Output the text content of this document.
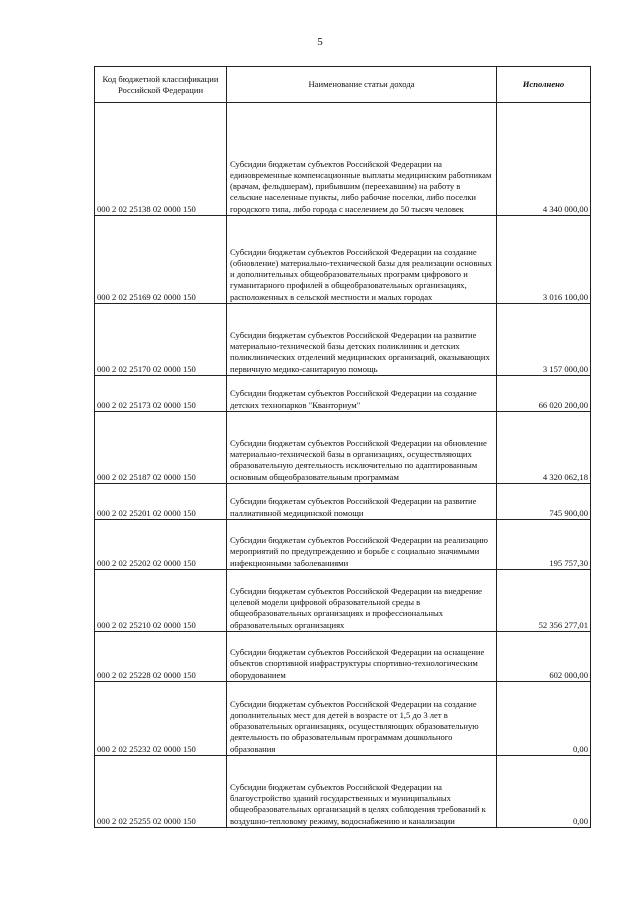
5
Код бюджетной классификации Российской Федерации	Наименование статьи дохода	Исполнено
000 2 02 25138 02 0000 150	Субсидии бюджетам субъектов Российской Федерации на единовременные компенсационные выплаты медицинским работникам (врачам, фельдшерам), прибывшим (переехавшим) на работу в сельские населенные пункты, либо рабочие поселки, либо поселки городского типа, либо города с населением до 50 тысяч человек	4 340 000,00
000 2 02 25169 02 0000 150	Субсидии бюджетам субъектов Российской Федерации на создание (обновление) материально-технической базы для реализации основных и дополнительных общеобразовательных программ цифрового и гуманитарного профилей в общеобразовательных организациях, расположенных в сельской местности и малых городах	3 016 100,00
000 2 02 25170 02 0000 150	Субсидии бюджетам субъектов Российской Федерации на развитие материально-технической базы детских поликлиник и детских поликлинических отделений медицинских организаций, оказывающих первичную медико-санитарную помощь	3 157 000,00
000 2 02 25173 02 0000 150	Субсидии бюджетам субъектов Российской Федерации на создание детских технопарков "Кванториум"	66 020 200,00
000 2 02 25187 02 0000 150	Субсидии бюджетам субъектов Российской Федерации на обновление материально-технической базы в организациях, осуществляющих образовательную деятельность исключительно по адаптированным основным общеобразовательным программам	4 320 062,18
000 2 02 25201 02 0000 150	Субсидии бюджетам субъектов Российской Федерации на развитие паллиативной медицинской помощи	745 900,00
000 2 02 25202 02 0000 150	Субсидии бюджетам субъектов Российской Федерации на реализацию мероприятий по предупреждению и борьбе с социально значимыми инфекционными заболеваниями	195 757,30
000 2 02 25210 02 0000 150	Субсидии бюджетам субъектов Российской Федерации на внедрение целевой модели цифровой образовательной среды в общеобразовательных организациях и профессиональных образовательных организациях	52 356 277,01
000 2 02 25228 02 0000 150	Субсидии бюджетам субъектов Российской Федерации на оснащение объектов спортивной инфраструктуры спортивно-технологическим оборудованием	602 000,00
000 2 02 25232 02 0000 150	Субсидии бюджетам субъектов Российской Федерации на создание дополнительных мест для детей в возрасте от 1,5 до 3 лет в образовательных организациях, осуществляющих образовательную деятельность по образовательным программам дошкольного образования	0,00
000 2 02 25255 02 0000 150	Субсидии бюджетам субъектов Российской Федерации на благоустройство зданий государственных и муниципальных общеобразовательных организаций в целях соблюдения требований к воздушно-тепловому режиму, водоснабжению и канализации	0,00
